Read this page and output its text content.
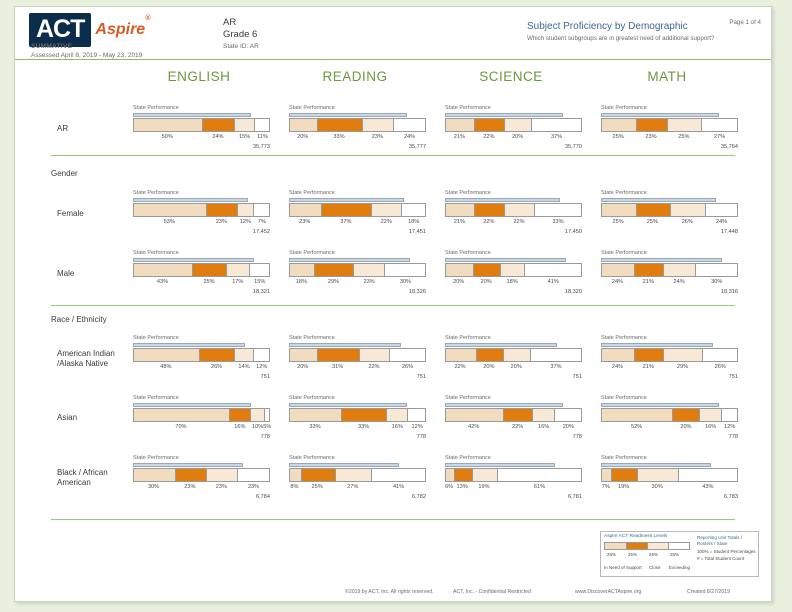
ACT Aspire®
SUMMATIVE
Assessed April 8, 2019 - May 23, 2019
AR
Grade 6
State ID: AR
Subject Proficiency by Demographic
Which student subgroups are in greatest need of additional support?
Page 1 of 4
ENGLISH	READING	SCIENCE	MATH
AR
State Performance
50%	24%	15%	11%
35,773
State Performance
20%	33%	23%	24%
35,777
State Performance
21%	22%	20%	37%
35,770
State Performance
25%	23%	25%	27%
35,764
Gender
Female
State Performance
53%	23%	12%	7%
17,452
State Performance
23%	37%	22%	18%
17,451
State Performance
21%	22%	22%	33%
17,450
State Performance
25%	25%	26%	24%
17,448
Male
State Performance
43%	25%	17%	15%
18,321
State Performance
18%	29%	23%	30%
18,326
State Performance
20%	20%	18%	41%
18,320
State Performance
24%	21%	24%	30%
18,316
Race / Ethnicity
American Indian
/Alaska Native
State Performance
48%	26%	14%	12%
751
State Performance
20%	31%	22%	26%
751
State Performance
22%	20%	20%	37%
751
State Performance
24%	21%	29%	26%
751
Asian
State Performance
70%	16%	10% 5%
778
State Performance
33%	33%	16%	12%
778
State Performance
42%	22%	16%	20%
778
State Performance
52%	20%	16%	12%
778
Black / African
American
State Performance
30%	23%	23%	23%
6,784
State Performance
8%	25%	27%	41%
6,782
State Performance
6% 13%	19%	61%
6,781
State Performance
7%	19%	30%	43%
6,783
Aspire ACT Readiness Levels
25%	25%	25%	25%
In Need of Support Close Exceeding
Reporting Unit Totals / Rosters / State
100% = Student Percentages
# = Total Student Count
©2019 by ACT, Inc. All rights reserved.	ACT, Inc. - Confidential Restricted	www.DiscoverACTAspire.org	Created 8/27/2019
